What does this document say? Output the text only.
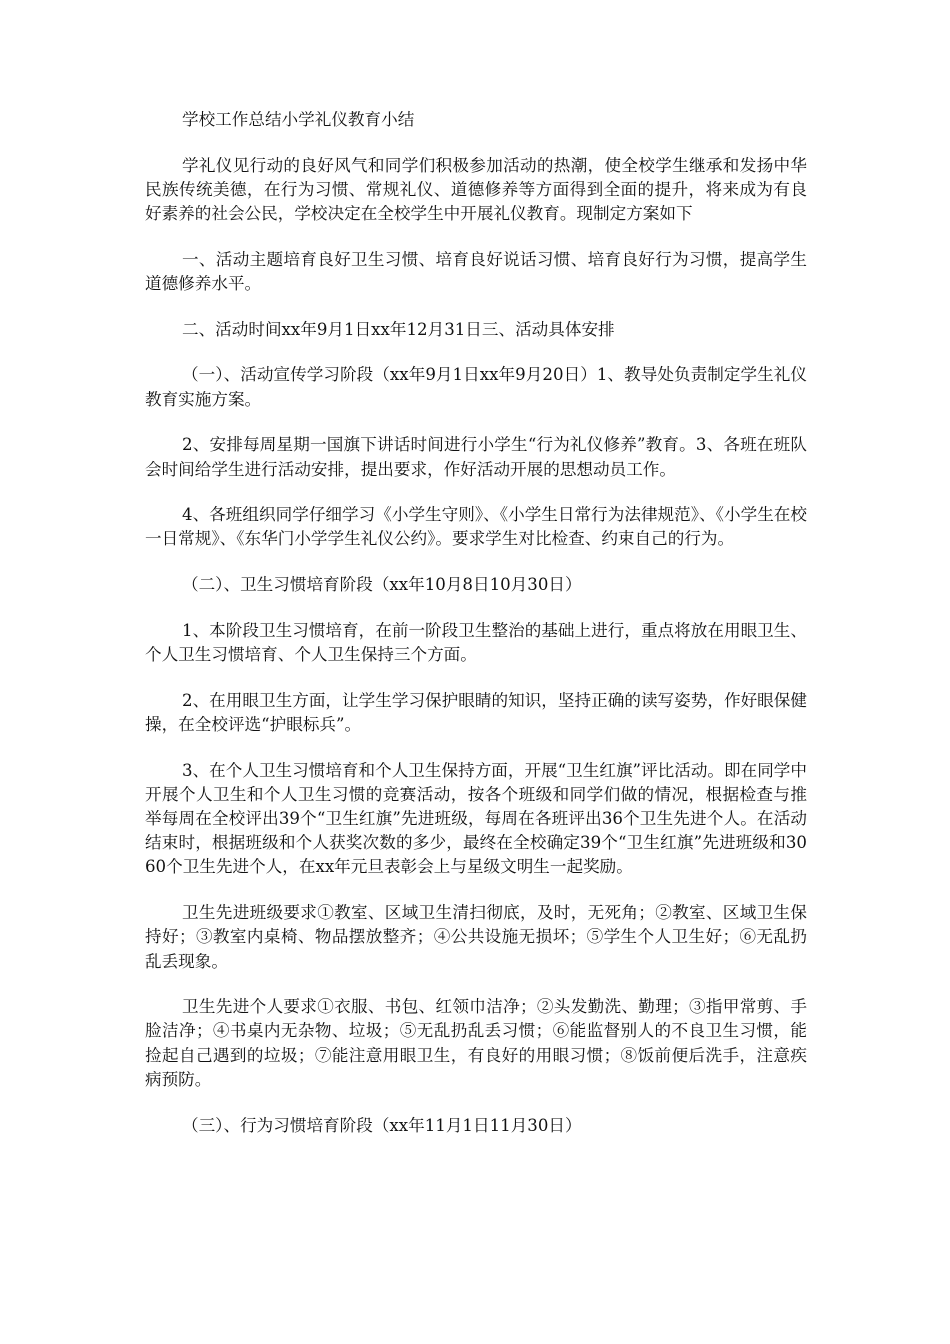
学校工作总结小学礼仪教育小结

学礼仪见行动的良好风气和同学们积极参加活动的热潮，使全校学生继承和发扬中华民族传统美德，在行为习惯、常规礼仪、道德修养等方面得到全面的提升，将来成为有良好素养的社会公民，学校决定在全校学生中开展礼仪教育。现制定方案如下

一、活动主题培育良好卫生习惯、培育良好说话习惯、培育良好行为习惯，提高学生道德修养水平。

二、活动时间xx年9月1日xx年12月31日三、活动具体安排

（一）、活动宣传学习阶段（xx年9月1日xx年9月20日）1、教导处负责制定学生礼仪教育实施方案。

2、安排每周星期一国旗下讲话时间进行小学生“行为礼仪修养”教育。3、各班在班队会时间给学生进行活动安排，提出要求，作好活动开展的思想动员工作。

4、各班组织同学仔细学习《小学生守则》、《小学生日常行为法律规范》、《小学生在校一日常规》、《东华门小学学生礼仪公约》。要求学生对比检查、约束自己的行为。

（二）、卫生习惯培育阶段（xx年10月8日10月30日）

1、本阶段卫生习惯培育，在前一阶段卫生整治的基础上进行，重点将放在用眼卫生、个人卫生习惯培育、个人卫生保持三个方面。

2、在用眼卫生方面，让学生学习保护眼睛的知识，坚持正确的读写姿势，作好眼保健操，在全校评选“护眼标兵”。

3、在个人卫生习惯培育和个人卫生保持方面，开展“卫生红旗”评比活动。即在同学中开展个人卫生和个人卫生习惯的竞赛活动，按各个班级和同学们做的情况，根据检查与推举每周在全校评出39个“卫生红旗”先进班级，每周在各班评出36个卫生先进个人。在活动结束时，根据班级和个人获奖次数的多少，最终在全校确定39个“卫生红旗”先进班级和3060个卫生先进个人，在xx年元旦表彰会上与星级文明生一起奖励。

卫生先进班级要求①教室、区域卫生清扫彻底，及时，无死角；②教室、区域卫生保持好；③教室内桌椅、物品摆放整齐；④公共设施无损坏；⑤学生个人卫生好；⑥无乱扔乱丢现象。

卫生先进个人要求①衣服、书包、红领巾洁净；②头发勤洗、勤理；③指甲常剪、手脸洁净；④书桌内无杂物、垃圾；⑤无乱扔乱丢习惯；⑥能监督别人的不良卫生习惯，能捡起自己遇到的垃圾；⑦能注意用眼卫生，有良好的用眼习惯；⑧饭前便后洗手，注意疾病预防。

（三）、行为习惯培育阶段（xx年11月1日11月30日）
